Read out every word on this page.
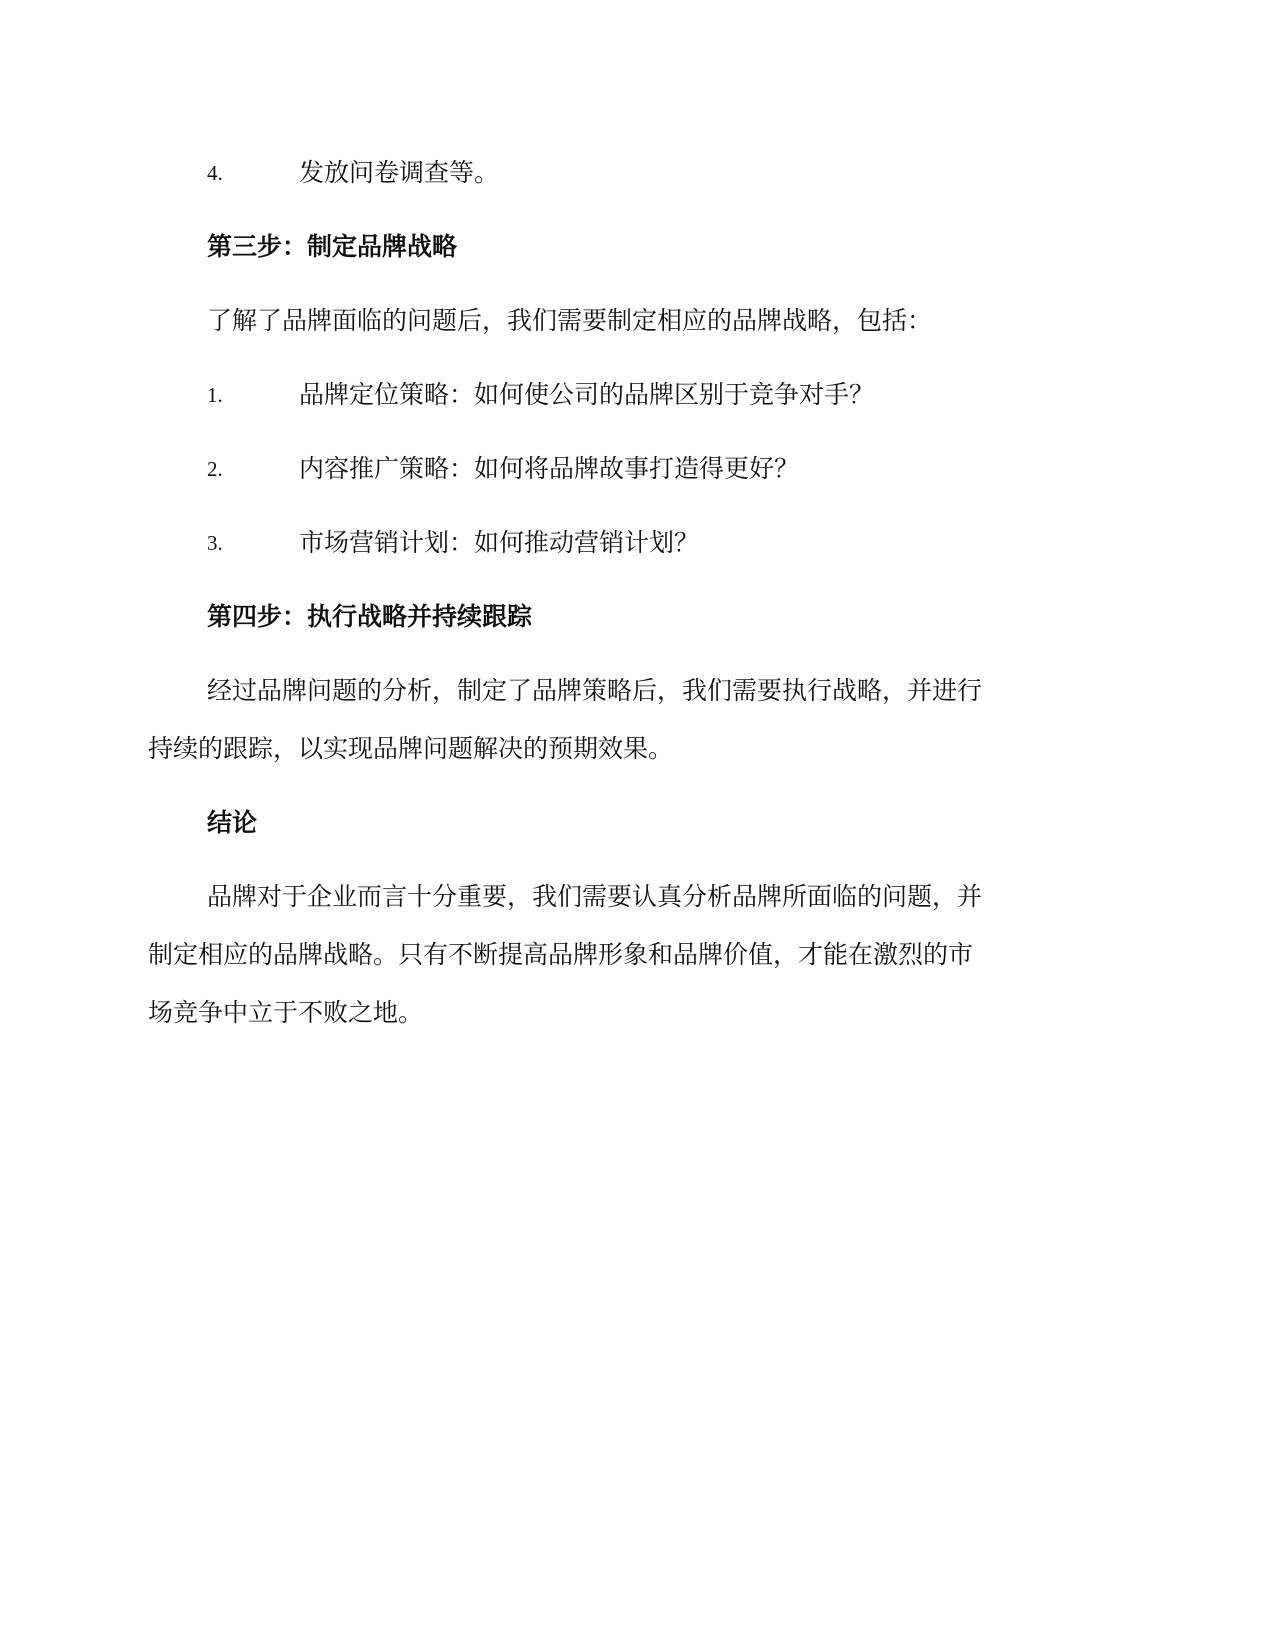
4.	发放问卷调查等。
第三步：制定品牌战略
了解了品牌面临的问题后，我们需要制定相应的品牌战略，包括：
1.	品牌定位策略：如何使公司的品牌区别于竞争对手？
2.	内容推广策略：如何将品牌故事打造得更好？
3.	市场营销计划：如何推动营销计划？
第四步：执行战略并持续跟踪
经过品牌问题的分析，制定了品牌策略后，我们需要执行战略，并进行
持续的跟踪，以实现品牌问题解决的预期效果。
结论
品牌对于企业而言十分重要，我们需要认真分析品牌所面临的问题，并
制定相应的品牌战略。只有不断提高品牌形象和品牌价值，才能在激烈的市
场竞争中立于不败之地。
